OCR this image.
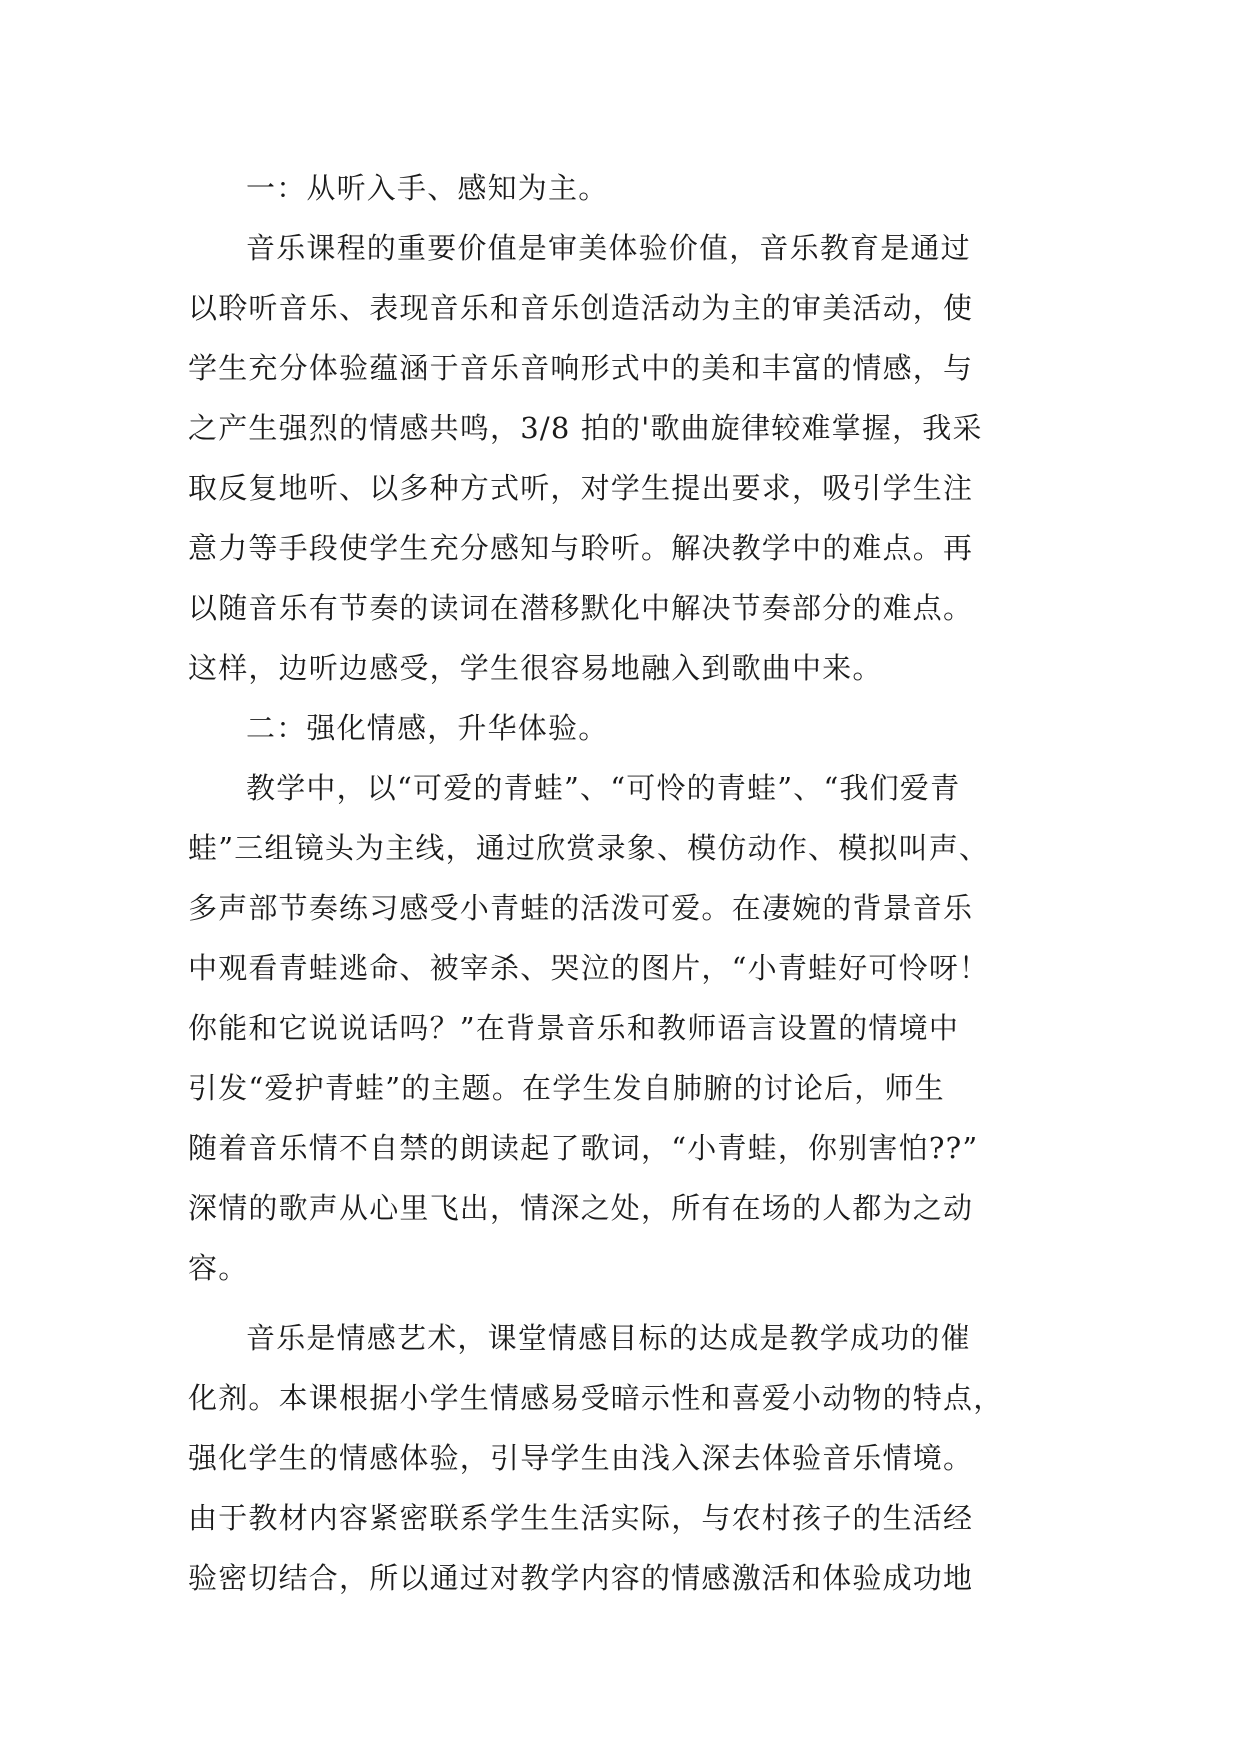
一：从听入手、感知为主。
音乐课程的重要价值是审美体验价值，音乐教育是通过
以聆听音乐、表现音乐和音乐创造活动为主的审美活动，使
学生充分体验蕴涵于音乐音响形式中的美和丰富的情感，与
之产生强烈的情感共鸣，3/8 拍的'歌曲旋律较难掌握，我采
取反复地听、以多种方式听，对学生提出要求，吸引学生注
意力等手段使学生充分感知与聆听。解决教学中的难点。再
以随音乐有节奏的读词在潜移默化中解决节奏部分的难点。
这样，边听边感受，学生很容易地融入到歌曲中来。
二：强化情感，升华体验。
教学中，以“可爱的青蛙”、“可怜的青蛙”、“我们爱青
蛙”三组镜头为主线，通过欣赏录象、模仿动作、模拟叫声、
多声部节奏练习感受小青蛙的活泼可爱。在凄婉的背景音乐
中观看青蛙逃命、被宰杀、哭泣的图片，“小青蛙好可怜呀！
你能和它说说话吗？”在背景音乐和教师语言设置的情境中
引发“爱护青蛙”的主题。在学生发自肺腑的讨论后，师生
随着音乐情不自禁的朗读起了歌词，“小青蛙，你别害怕??”
深情的歌声从心里飞出，情深之处，所有在场的人都为之动
容。
音乐是情感艺术，课堂情感目标的达成是教学成功的催
化剂。本课根据小学生情感易受暗示性和喜爱小动物的特点，
强化学生的情感体验，引导学生由浅入深去体验音乐情境。
由于教材内容紧密联系学生生活实际，与农村孩子的生活经
验密切结合，所以通过对教学内容的情感激活和体验成功地
